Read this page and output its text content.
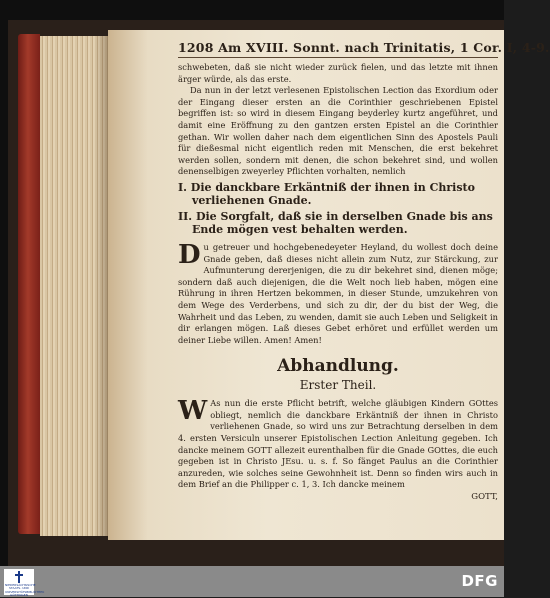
1208 Am XVIII. Sonnt. nach Trinitatis, 1 Cor. I, 4-9.

schwebeten, daß sie nicht wieder zurück fielen, und das letzte mit ihnen ärger würde, als das erste.

Da nun in der letzt verlesenen Epistolischen Lection das Exordium oder der Eingang dieser ersten an die Corinthier geschriebenen Epistel begriffen ist: so wird in diesem Eingang beyderley kurtz angeführet, und damit eine Eröffnung zu den gantzen ersten Epistel an die Corinthier gethan. Wir wollen daher nach dem eigentlichen Sinn des Apostels Pauli für dießesmal nicht eigentlich reden mit Menschen, die erst bekehret werden sollen, sondern mit denen, die schon bekehret sind, und wollen denenselbigen zweyerley Pflichten vorhalten, nemlich

I. Die danckbare Erkäntniß der ihnen in Christo verliehenen Gnade.

II. Die Sorgfalt, daß sie in derselben Gnade bis ans Ende mögen vest behalten werden.

D u getreuer und hochgebenedeyeter Heyland, du wollest doch deine Gnade geben, daß dieses nicht allein zum Nutz, zur Stärckung, zur Aufmunterung dererjenigen, die zu dir bekehret sind, dienen möge; sondern daß auch diejenigen, die die Welt noch lieb haben, mögen eine Rührung in ihren Hertzen bekommen, in dieser Stunde, umzukehren von dem Wege des Verderbens, und sich zu dir, der du bist der Weg, die Wahrheit und das Leben, zu wenden, damit sie auch Leben und Seligkeit in dir erlangen mögen. Laß dieses Gebet erhöret und erfüllet werden um deiner Liebe willen. Amen! Amen!

Abhandlung.
Erster Theil.
W As nun die erste Pflicht betrift, welche gläubigen Kindern GOttes obliegt, nemlich die danckbare Erkäntniß der ihnen in Christo verliehenen Gnade, so wird uns zur Betrachtung derselben in dem 4. ersten Versiculn unserer Epistolischen Lection Anleitung gegeben. Ich dancke meinem GOTT allezeit eurenthalben für die Gnade GOttes, die euch gegeben ist in Christo JEsu. u. s. f. So fänget Paulus an die Corinthier anzureden, wie solches seine Gewohnheit ist. Denn so finden wirs auch in dem Brief an die Philipper c. 1, 3. Ich dancke meinem

GOTT,
NIEDERSÄCHSISCHE STAATS- UND UNIVERSITÄTSBIBLIOTHEK GÖTTINGEN
DFG
